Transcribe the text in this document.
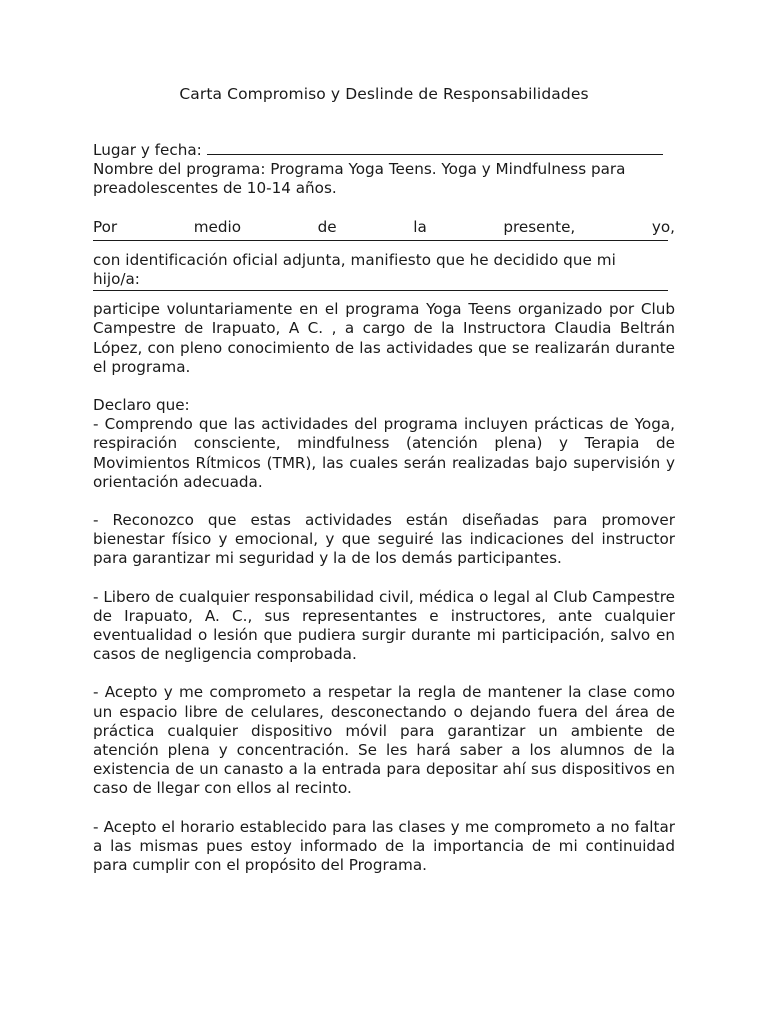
Carta Compromiso y Deslinde de Responsabilidades
Lugar y fecha:
Nombre del programa: Programa Yoga Teens. Yoga y Mindfulness para
preadolescentes de 10-14 años.
Por	medio	de	la	presente,	yo,
con identificación oficial adjunta, manifiesto que he decidido que mi
hijo/a:
participe voluntariamente en el programa Yoga Teens organizado por Club Campestre de Irapuato, A C. , a cargo de la Instructora Claudia Beltrán López, con pleno conocimiento de las actividades que se realizarán durante el programa.
Declaro que:
- Comprendo que las actividades del programa incluyen prácticas de Yoga, respiración consciente, mindfulness (atención plena) y Terapia de Movimientos Rítmicos (TMR), las cuales serán realizadas bajo supervisión y orientación adecuada.
- Reconozco que estas actividades están diseñadas para promover bienestar físico y emocional, y que seguiré las indicaciones del instructor para garantizar mi seguridad y la de los demás participantes.
- Libero de cualquier responsabilidad civil, médica o legal al Club Campestre de Irapuato, A. C., sus representantes e instructores, ante cualquier eventualidad o lesión que pudiera surgir durante mi participación, salvo en casos de negligencia comprobada.
- Acepto y me comprometo a respetar la regla de mantener la clase como un espacio libre de celulares, desconectando o dejando fuera del área de práctica cualquier dispositivo móvil para garantizar un ambiente de atención plena y concentración. Se les hará saber a los alumnos de la existencia de un canasto a la entrada para depositar ahí sus dispositivos en caso de llegar con ellos al recinto.
- Acepto el horario establecido para las clases y me comprometo a no faltar a las mismas pues estoy informado de la importancia de mi continuidad para cumplir con el propósito del Programa.
